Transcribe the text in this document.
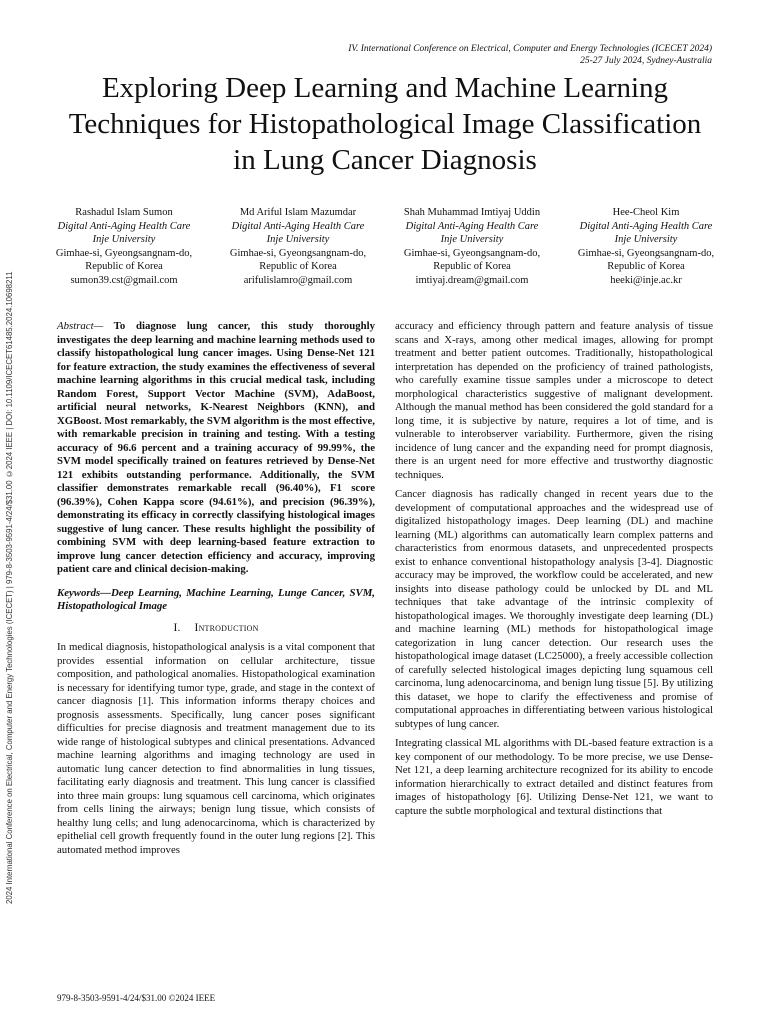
IV. International Conference on Electrical, Computer and Energy Technologies (ICECET 2024)
25-27 July 2024, Sydney-Australia
2024 International Conference on Electrical, Computer and Energy Technologies (ICECET) | 979-8-3503-9591-4/24/$31.00 ©2024 IEEE | DOI: 10.1109/ICECET61485.2024.10698211
Exploring Deep Learning and Machine Learning Techniques for Histopathological Image Classification in Lung Cancer Diagnosis
Rashadul Islam Sumon
Digital Anti-Aging Health Care
Inje University
Gimhae-si, Gyeongsangnam-do,
Republic of Korea
sumon39.cst@gmail.com
Md Ariful Islam Mazumdar
Digital Anti-Aging Health Care
Inje University
Gimhae-si, Gyeongsangnam-do,
Republic of Korea
arifulislamro@gmail.com
Shah Muhammad Imtiyaj Uddin
Digital Anti-Aging Health Care
Inje University
Gimhae-si, Gyeongsangnam-do,
Republic of Korea
imtiyaj.dream@gmail.com
Hee-Cheol Kim
Digital Anti-Aging Health Care
Inje University
Gimhae-si, Gyeongsangnam-do,
Republic of Korea
heeki@inje.ac.kr

Abstract— To diagnose lung cancer, this study thoroughly investigates the deep learning and machine learning methods used to classify histopathological lung cancer images. Using Dense-Net 121 for feature extraction, the study examines the effectiveness of several machine learning algorithms in this crucial medical task, including Random Forest, Support Vector Machine (SVM), AdaBoost, artificial neural networks, K-Nearest Neighbors (KNN), and XGBoost. Most remarkably, the SVM algorithm is the most effective, with remarkable precision in training and testing. With a testing accuracy of 96.6 percent and a training accuracy of 99.99%, the SVM model specifically trained on features retrieved by Dense-Net 121 exhibits outstanding performance. Additionally, the SVM classifier demonstrates remarkable recall (96.40%), F1 score (96.39%), Cohen Kappa score (94.61%), and precision (96.39%), demonstrating its efficacy in correctly classifying histological images suggestive of lung cancer. These results highlight the possibility of combining SVM with deep learning-based feature extraction to improve lung cancer detection efficiency and accuracy, improving patient care and clinical decision-making.

Keywords—Deep Learning, Machine Learning, Lunge Cancer, SVM, Histopathological Image

I. Introduction

In medical diagnosis, histopathological analysis is a vital component that provides essential information on cellular architecture, tissue composition, and pathological anomalies. Histopathological examination is necessary for identifying tumor type, grade, and stage in the context of cancer diagnosis [1]. This information informs therapy choices and prognosis assessments. Specifically, lung cancer poses significant difficulties for precise diagnosis and treatment management due to its wide range of histological subtypes and clinical presentations. Advanced machine learning algorithms and imaging technology are used in automatic lung cancer detection to find abnormalities in lung tissues, facilitating early diagnosis and treatment. This lung cancer is classified into three main groups: lung squamous cell carcinoma, which originates from cells lining the airways; benign lung tissue, which consists of healthy lung cells; and lung adenocarcinoma, which is characterized by epithelial cell growth frequently found in the outer lung regions [2]. This automated method improves

accuracy and efficiency through pattern and feature analysis of tissue scans and X-rays, among other medical images, allowing for prompt treatment and better patient outcomes. Traditionally, histopathological interpretation has depended on the proficiency of trained pathologists, who carefully examine tissue samples under a microscope to detect morphological characteristics suggestive of malignant development. Although the manual method has been considered the gold standard for a long time, it is subjective by nature, requires a lot of time, and is vulnerable to interobserver variability. Furthermore, given the rising incidence of lung cancer and the expanding need for prompt diagnosis, there is an urgent need for more effective and trustworthy diagnostic techniques.

Cancer diagnosis has radically changed in recent years due to the development of computational approaches and the widespread use of digitalized histopathology images. Deep learning (DL) and machine learning (ML) algorithms can automatically learn complex patterns and characteristics from enormous datasets, and unprecedented prospects exist to enhance conventional histopathology analysis [3-4]. Diagnostic accuracy may be improved, the workflow could be accelerated, and new insights into disease pathology could be unlocked by DL and ML techniques that take advantage of the intrinsic complexity of histopathological images. We thoroughly investigate deep learning (DL) and machine learning (ML) methods for histopathological image categorization in lung cancer detection. Our research uses the histopathological image dataset (LC25000), a freely accessible collection of carefully selected histological images depicting lung squamous cell carcinoma, lung adenocarcinoma, and benign lung tissue [5]. By utilizing this dataset, we hope to clarify the effectiveness and promise of computational approaches in differentiating between various histological subtypes of lung cancer.

Integrating classical ML algorithms with DL-based feature extraction is a key component of our methodology. To be more precise, we use Dense-Net 121, a deep learning architecture recognized for its ability to encode information hierarchically to extract detailed and distinct features from images of histopathology [6]. Utilizing Dense-Net 121, we want to capture the subtle morphological and textural distinctions that

979-8-3503-9591-4/24/$31.00 ©2024 IEEE
